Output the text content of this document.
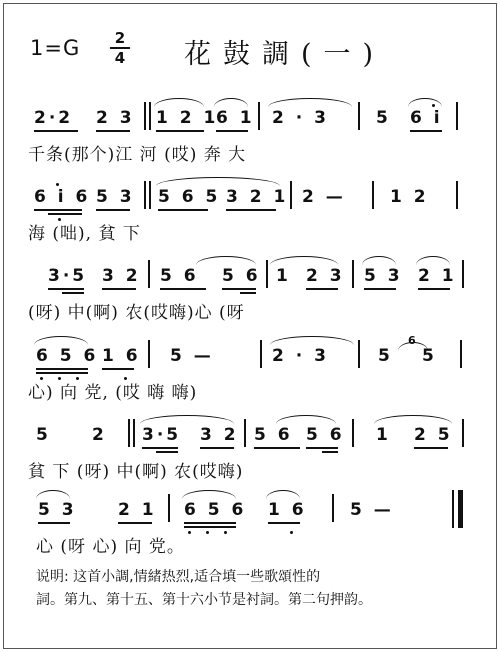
1=G	2
4 花鼓調(一)
2·2 2 3 1 2 1
6 1 2 · 3	5 6 i
千条(那个)江 河 (哎) 奔 大
6 i 6 5 3 5 6 5 3 2 1 2 —	1 2
海 (咄), 貧 下
3·5 3 2 5 6 5 6 1 2 3 5 3 2 1
(呀) 中(啊) 农(哎嗨)心 (呀
6 5 6 1 6 5 —	2 · 3	5
6
5
心) 向 党, (哎 嗨 嗨)
5 2 3·5 3 2 5 6 5 6 1 2 5
貧 下 (呀) 中(啊) 农(哎嗨)
5 3 2 1 6 5 6 1 6	5 —
心 (呀 心) 向 党。
说明: 这首小調,情緒热烈,适合填一些歌頌性的
詞。第九、第十五、第十六小节是衬詞。第二句押韵。
